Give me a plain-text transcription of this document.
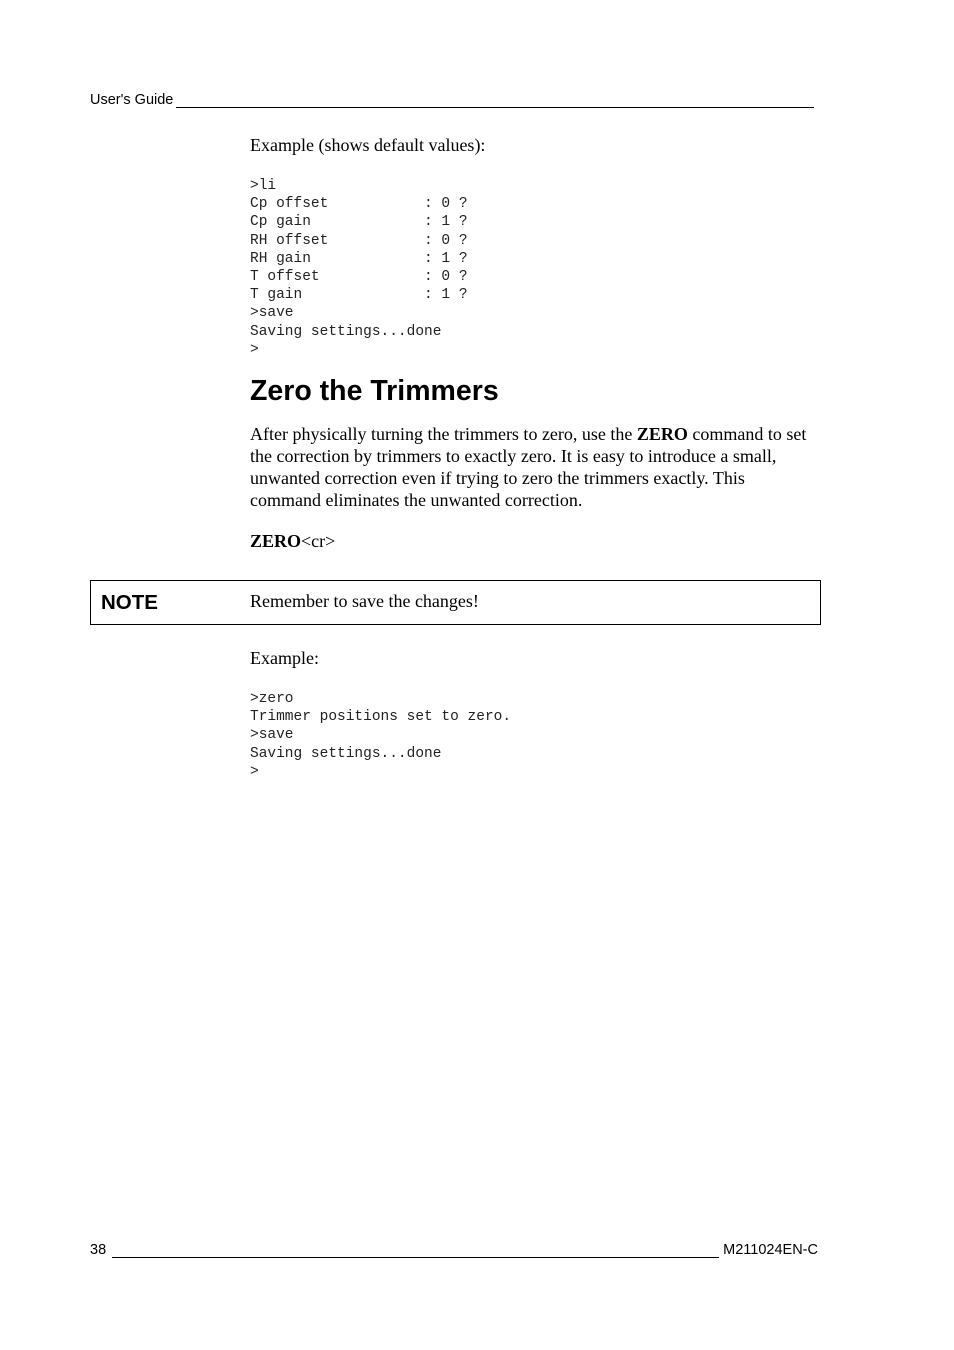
User's Guide

Example (shows default values):

>li
Cp offset           : 0 ?
Cp gain             : 1 ?
RH offset           : 0 ?
RH gain             : 1 ?
T offset            : 0 ?
T gain              : 1 ?
>save
Saving settings...done
>
Zero the Trimmers

After physically turning the trimmers to zero, use the ZERO command to set the correction by trimmers to exactly zero. It is easy to introduce a small, unwanted correction even if trying to zero the trimmers exactly. This command eliminates the unwanted correction.

ZERO<cr>

NOTE	Remember to save the changes!

Example:

>zero
Trimmer positions set to zero.
>save
Saving settings...done
>
38	M211024EN-C
